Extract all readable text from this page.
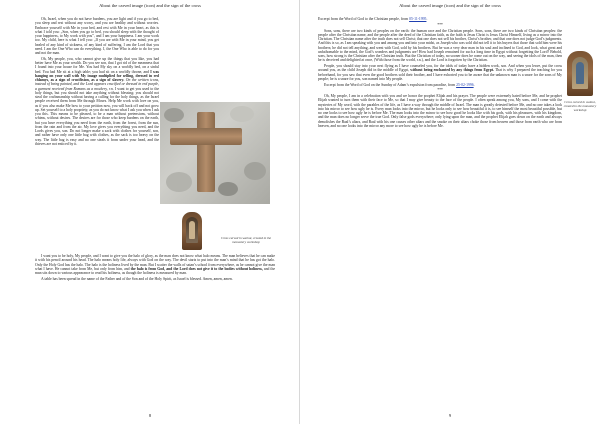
About the carved image (icon) and the sign of the cross

Oh, Israel, when you do not have burdens, you are light and if you go to bed, you sleep and rest without any worry, and you are healthy and without worries. Embrace yourself with Me in your bed, and rest with Me in your heart, as this is what I told you: „Son, when you go to bed, you should sleep with the thought of your happiness, to My work with you”, and I am your happiness. I am your work too. My child, here is what I tell you: „If you are with Me in your mind, you get healed of any kind of sickness, of any kind of suffering. I am the Lord that you need. I am the One Who can do everything. I, the One Who is able to do for you and not the man.

Oh, My people, you, who cannot give up the things that you like, you had better have Me as your wealth. Do you see son, that I got rid of the meanness that I found into your house for Me. You had My sky on a worldly bed, on a sinful bed. You had Me sit at a high table; you had sit on a worldly throne, and I was hanging on your wall with My image multiplied for selling, dressed in red chlamys, as a sign of crucifixion, as a sign of slavery. On the written icons, instead of being painted, and the Lord appears crucified or dressed in red purple, a garment received from Romans as a mockery, r.n. I want to get you used to the holy things, but you should not take anything without blessing; you should not steal the craftsmanship without having a calling for the holy things, as the Israel people received them from Me through Moses. Help Me work with love on you, as if you also make Me bow to your petition now, you will back off and not grow up. Set yourself to a holy propriety, as you do not know what I ask you when I ask you this. This means to be pleased, to be a man without pretensions, without whims, without desires. The desires are for those who keep burdens on the earth, but you have everything you need from the earth, from the forest, from the sun, from the rain and from the air. My love gives you everything you need, and the Lords gives you, son. Do not longer make a sack with clothes for yourself, son, and rather have only one little bag with clothes, as the sack is too heavy on the way. The little bag is easy and no one steals it from under your head, and the thieves are not enticed by it.

Cross carved in walnut, created in the monastery workshop

I want you to be holy, My people, and I want to give you the halo of glory, as the man does not know what halo means. The man believes that he can make it with his pencil around his head. The halo means holy life, always with God on the way. The devil starts to put into the man’s mind that he has got the halo. Only the Holy God has the halo. The halo is the holiness lived by the man. But I scatter the walls of satan’s school from everywhere, as he cannot give the man what I have. He cannot take from Me, but only from him, and the halo is from God, and the Lord does not give it to the bodies without holiness, and the man sits down to various appearance to read his holiness, as though the holiness is measured by man.

A table has been spread in the name of the Father and of the Son and of the Holy Spirit, as Israel is blessed. Amen, amen, amen.

8
About the carved image (icon) and the sign of the cross

Excerpt from the Word of God to the Christian people, from 05-11-1995.

***

Sons, sons, there are two kinds of peoples on the earth: the human race and the Christian people. Sons, sons, there are two kinds of Christian peoples: the people after the Christian name, and the people after the deed of the Christian faith, as the faith is Jesus Christ is Jesus Christ Himself, living as a mirror into the Christian. The Christian name after the truth does not sell Christ; that one does not sell his brother, Christ’s brother, and that one does not judge God’s judgments. And this is so, as I am speaking with you and among you and into your midst, as Joseph who was sold did not tell it to his buyers that those that sold him were his brothers; he did not tell anything, and went with God, sold by his brothers. But he was a very dear man in his soul and inclined to God, and look, what great and unfathomable to the mind, the God’s wonders and judgments are! How had Joseph remained for such a long time in Egypt without forgetting the Lord? Behold, sons, how strong is the Christian after the Christian truth. But the Christian of today, no sooner does he come out on the way, and seeing the idols of the man, then he is deceived and delighted at once, (With those from the world, r.n.), and the Lord is forgotten by the Christian.

People, you should stay into your nest flying as I have counseled you, for the idols of today have a hidden work, son. And when you leave, put the cross around you, as the child Joseph did in the middle of Egypt, without being enchanted by any things from Egypt. That is why I prepared the teaching for you beforehand, for you saw that even the good brothers sold their brother, and I have exhorted you to be aware that the unknown man is a snare for the sons of My people; he is a snare for you, son named into My people.

Excerpt from the Word of God on the Sunday of Adam’s expulsion from paradise, from 25-02-1996.

***

Oh, My people, I am in a celebration with you and we honor the prophet Elijah and his prayer. The people were extremely hated before Me, and he prophet Elijah wanted to turn them with their face to Me, so that I may give beauty to the face of the people. I often speak among you, My sons, and I come with the mysteries of My word, with the parables of the life, as I have a way through the middle of Israel. The man is greatly detested before Me, and no one takes a look into his mirror to see how ugly he is. Every man looks into the mirror, but he looks only to see how beautiful it is, to see himself the most beautiful possible, but no one looks to see how ugly he is before Me. The man looks into the mirror to see how good he looks like with his gods, with his pleasures, with his kingdom, and the man does no longer serve the true God. Only false gods everywhere; only lying upon the man, and the prophet Elijah goes down on the earth and always demolishes the Baal’s altars, and Baal with his one causes other altars and the smoke on their altars choke those from heaven and those from earth who are from heaven, and no one looks into the mirror any more to see how ugly he is before Me.

Cross carved in walnut, created in the monastery workshop
9
